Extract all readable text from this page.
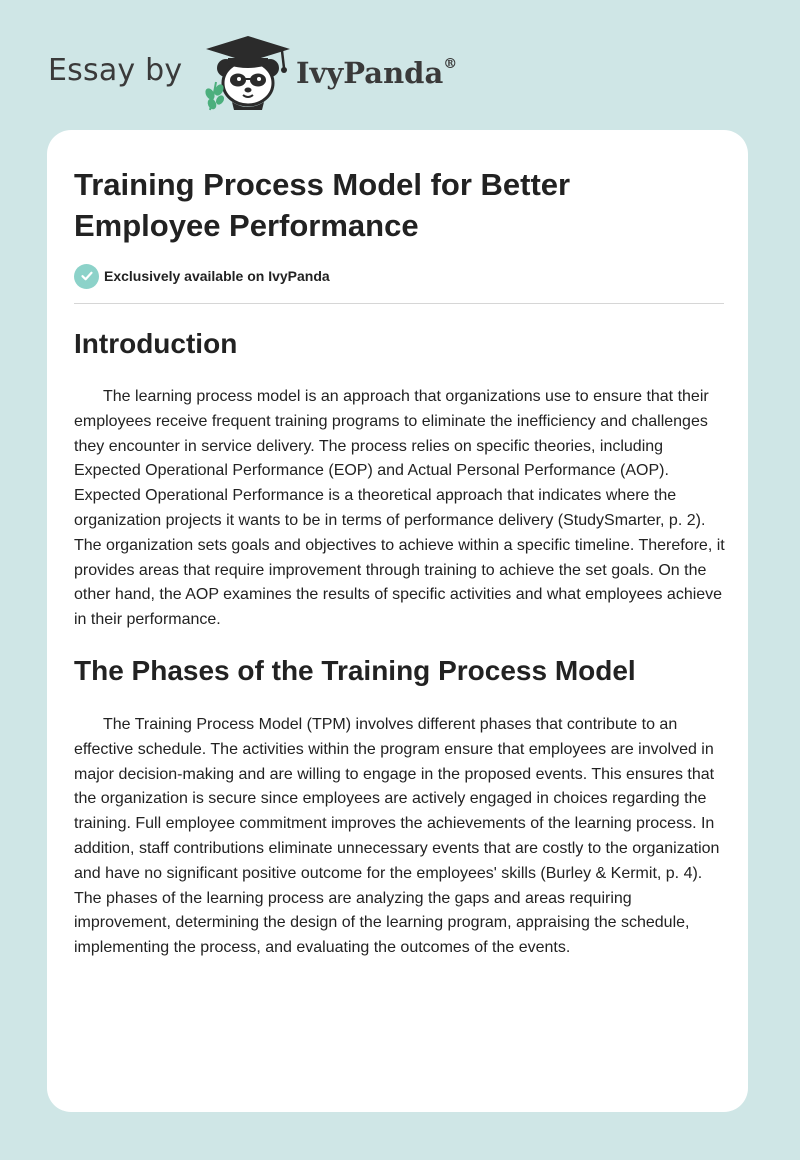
Essay by	IvyPanda®
Training Process Model for Better Employee Performance
Exclusively available on IvyPanda
Introduction

The learning process model is an approach that organizations use to ensure that their employees receive frequent training programs to eliminate the inefficiency and challenges they encounter in service delivery. The process relies on specific theories, including Expected Operational Performance (EOP) and Actual Personal Performance (AOP). Expected Operational Performance is a theoretical approach that indicates where the organization projects it wants to be in terms of performance delivery (StudySmarter, p. 2). The organization sets goals and objectives to achieve within a specific timeline. Therefore, it provides areas that require improvement through training to achieve the set goals. On the other hand, the AOP examines the results of specific activities and what employees achieve in their performance.

The Phases of the Training Process Model

The Training Process Model (TPM) involves different phases that contribute to an effective schedule. The activities within the program ensure that employees are involved in major decision-making and are willing to engage in the proposed events. This ensures that the organization is secure since employees are actively engaged in choices regarding the training. Full employee commitment improves the achievements of the learning process. In addition, staff contributions eliminate unnecessary events that are costly to the organization and have no significant positive outcome for the employees' skills (Burley & Kermit, p. 4). The phases of the learning process are analyzing the gaps and areas requiring improvement, determining the design of the learning program, appraising the schedule, implementing the process, and evaluating the outcomes of the events.
